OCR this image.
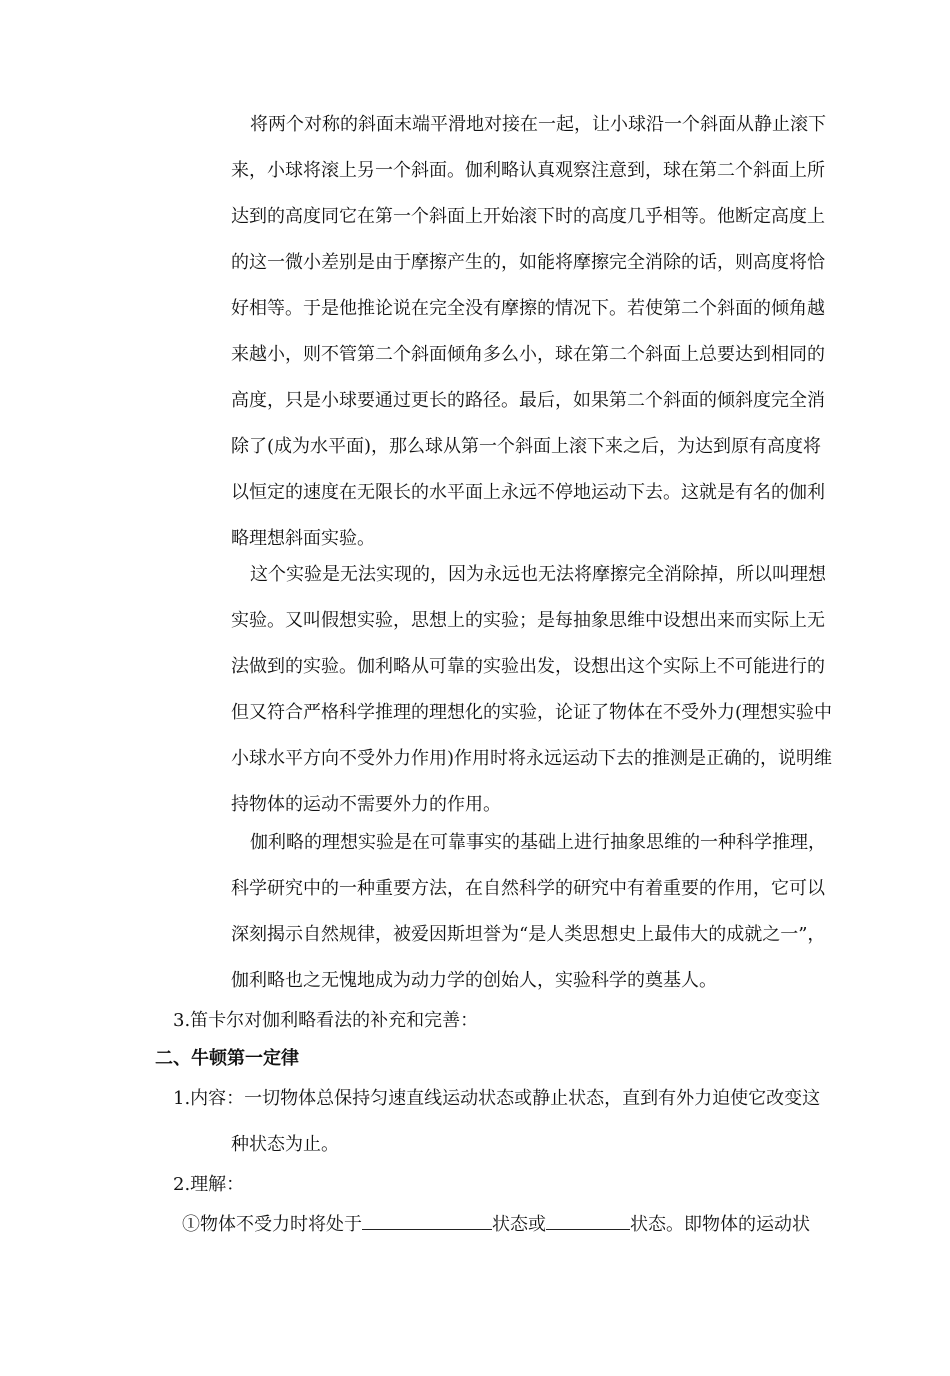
将两个对称的斜面末端平滑地对接在一起，让小球沿一个斜面从静止滚下
来，小球将滚上另一个斜面。伽利略认真观察注意到，球在第二个斜面上所
达到的高度同它在第一个斜面上开始滚下时的高度几乎相等。他断定高度上
的这一微小差别是由于摩擦产生的，如能将摩擦完全消除的话，则高度将恰
好相等。于是他推论说在完全没有摩擦的情况下。若使第二个斜面的倾角越
来越小，则不管第二个斜面倾角多么小，球在第二个斜面上总要达到相同的
高度，只是小球要通过更长的路径。最后，如果第二个斜面的倾斜度完全消
除了(成为水平面)，那么球从第一个斜面上滚下来之后，为达到原有高度将
以恒定的速度在无限长的水平面上永远不停地运动下去。这就是有名的伽利
略理想斜面实验。
这个实验是无法实现的，因为永远也无法将摩擦完全消除掉，所以叫理想
实验。又叫假想实验，思想上的实验；是每抽象思维中设想出来而实际上无
法做到的实验。伽利略从可靠的实验出发，设想出这个实际上不可能进行的
但又符合严格科学推理的理想化的实验，论证了物体在不受外力(理想实验中
小球水平方向不受外力作用)作用时将永远运动下去的推测是正确的，说明维
持物体的运动不需要外力的作用。
伽利略的理想实验是在可靠事实的基础上进行抽象思维的一种科学推理，
科学研究中的一种重要方法，在自然科学的研究中有着重要的作用，它可以
深刻揭示自然规律，被爱因斯坦誉为“是人类思想史上最伟大的成就之一”，
伽利略也之无愧地成为动力学的创始人，实验科学的奠基人。
3.笛卡尔对伽利略看法的补充和完善：
二、牛顿第一定律
1.内容：一切物体总保持匀速直线运动状态或静止状态，直到有外力迫使它改变这
种状态为止。
2.理解：
①物体不受力时将处于	状态或	状态。即物体的运动状
